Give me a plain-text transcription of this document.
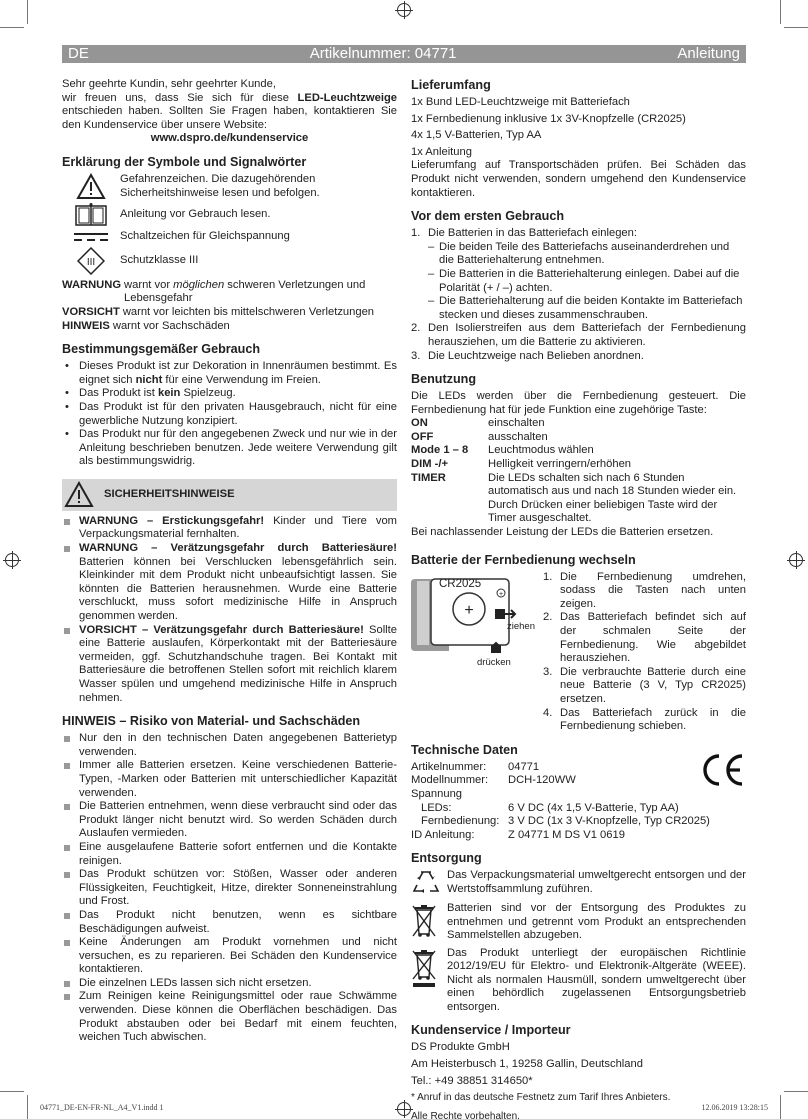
DE	Artikelnummer: 04771	Anleitung

Sehr geehrte Kundin, sehr geehrter Kunde,

wir freuen uns, dass Sie sich für diese LED-Leuchtzweige entschieden haben. Sollten Sie Fragen haben, kontaktieren Sie den Kundenservice über unsere Website:

www.dspro.de/kundenservice

Erklärung der Symbole und Signalwörter
Gefahrenzeichen. Die dazugehörenden Sicherheitshinweise lesen und befolgen.
Anleitung vor Gebrauch lesen.
Schaltzeichen für Gleichspannung
III Schutzklasse III
WARNUNG warnt vor möglichen schweren Verletzungen und Lebensgefahr
VORSICHT warnt vor leichten bis mittelschweren Verletzungen
HINWEIS warnt vor Sachschäden
Bestimmungsgemäßer Gebrauch
• Dieses Produkt ist zur Dekoration in Innenräumen bestimmt. Es eignet sich nicht für eine Verwendung im Freien.
• Das Produkt ist kein Spielzeug.
• Das Produkt ist für den privaten Hausgebrauch, nicht für eine gewerbliche Nutzung konzipiert.
• Das Produkt nur für den angegebenen Zweck und nur wie in der Anleitung beschrieben benutzen. Jede weitere Verwendung gilt als bestimmungswidrig.
SICHERHEITSHINWEISE
WARNUNG – Erstickungsgefahr! Kinder und Tiere vom Verpackungsmaterial fernhalten.
WARNUNG – Verätzungsgefahr durch Batteriesäure! Batterien können bei Verschlucken lebensgefährlich sein. Kleinkinder mit dem Produkt nicht unbeaufsichtigt lassen. Sie könnten die Batterien herausnehmen. Wurde eine Batterie verschluckt, muss sofort medizinische Hilfe in Anspruch genommen werden.
VORSICHT – Verätzungsgefahr durch Batteriesäure! Sollte eine Batterie auslaufen, Körperkontakt mit der Batteriesäure vermeiden, ggf. Schutzhandschuhe tragen. Bei Kontakt mit Batteriesäure die betroffenen Stellen sofort mit reichlich klarem Wasser spülen und umgehend medizinische Hilfe in Anspruch nehmen.
HINWEIS – Risiko von Material- und Sachschäden
Nur den in den technischen Daten angegebenen Batterietyp verwenden.
Immer alle Batterien ersetzen. Keine verschiedenen Batterie-Typen, -Marken oder Batterien mit unterschiedlicher Kapazität verwenden.
Die Batterien entnehmen, wenn diese verbraucht sind oder das Produkt länger nicht benutzt wird. So werden Schäden durch Auslaufen vermieden.
Eine ausgelaufene Batterie sofort entfernen und die Kontakte reinigen.
Das Produkt schützen vor: Stößen, Wasser oder anderen Flüssigkeiten, Feuchtigkeit, Hitze, direkter Sonneneinstrahlung und Frost.
Das Produkt nicht benutzen, wenn es sichtbare Beschädigungen aufweist.
Keine Änderungen am Produkt vornehmen und nicht versuchen, es zu reparieren. Bei Schäden den Kundenservice kontaktieren.
Die einzelnen LEDs lassen sich nicht ersetzen.
Zum Reinigen keine Reinigungsmittel oder raue Schwämme verwenden. Diese können die Oberflächen beschädigen. Das Produkt abstauben oder bei Bedarf mit einem feuchten, weichen Tuch abwischen.
Lieferumfang

1x Bund LED-Leuchtzweige mit Batteriefach

1x Fernbedienung inklusive 1x 3V-Knopfzelle (CR2025)

4x 1,5 V-Batterien, Typ AA

1x Anleitung

Lieferumfang auf Transportschäden prüfen. Bei Schäden das Produkt nicht verwenden, sondern umgehend den Kundenservice kontaktieren.

Vor dem ersten Gebrauch
1. Die Batterien in das Batteriefach einlegen:
– Die beiden Teile des Batteriefachs auseinanderdrehen und die Batteriehalterung entnehmen.
– Die Batterien in die Batteriehalterung einlegen. Dabei auf die Polarität (+ / –) achten.
– Die Batteriehalterung auf die beiden Kontakte im Batteriefach stecken und dieses zusammenschrauben.
2. Den Isolierstreifen aus dem Batteriefach der Fernbedienung herausziehen, um die Batterie zu aktivieren.
3. Die Leuchtzweige nach Belieben anordnen.
Benutzung

Die LEDs werden über die Fernbedienung gesteuert. Die Fernbedienung hat für jede Funktion eine zugehörige Taste:

ON	einschalten
OFF	ausschalten
Mode 1 – 8	Leuchtmodus wählen
DIM -/+	Helligkeit verringern/erhöhen
TIMER	Die LEDs schalten sich nach 6 Stunden automatisch aus und nach 18 Stunden wieder ein. Durch Drücken einer beliebigen Taste wird der Timer ausgeschaltet.

Bei nachlassender Leistung der LEDs die Batterien ersetzen.

Batterie der Fernbedienung wechseln
+
+
CR2025
ziehen
drücken
1. Die Fernbedienung umdrehen, sodass die Tasten nach unten zeigen.
2. Das Batteriefach befindet sich auf der schmalen Seite der Fernbedienung. Wie abgebildet herausziehen.
3. Die verbrauchte Batterie durch eine neue Batterie (3 V, Typ CR2025) ersetzen.
4. Das Batteriefach zurück in die Fernbedienung schieben.
Technische Daten
Artikelnummer:	04771
Modellnummer:	DCH-120WW
Spannung
LEDs:	6 V DC (4x 1,5 V-Batterie, Typ AA)
Fernbedienung: 3 V DC (1x 3 V-Knopfzelle, Typ CR2025)
ID Anleitung:	Z 04771 M DS V1 0619
Entsorgung
Das Verpackungsmaterial umweltgerecht entsorgen und der Wertstoffsammlung zuführen.
Batterien sind vor der Entsorgung des Produktes zu entnehmen und getrennt vom Produkt an entsprechenden Sammelstellen abzugeben.
Das Produkt unterliegt der europäischen Richtlinie 2012/19/EU für Elektro- und Elektronik-Altgeräte (WEEE). Nicht als normalen Hausmüll, sondern umweltgerecht über einen behördlich zugelassenen Entsorgungsbetrieb entsorgen.
Kundenservice / Importeur

DS Produkte GmbH

Am Heisterbusch 1, 19258 Gallin, Deutschland

Tel.: +49 38851 314650*

* Anruf in das deutsche Festnetz zum Tarif Ihres Anbieters.

Alle Rechte vorbehalten.

04771_DE-EN-FR-NL_A4_V1.indd 1	12.06.2019 13:28:15
